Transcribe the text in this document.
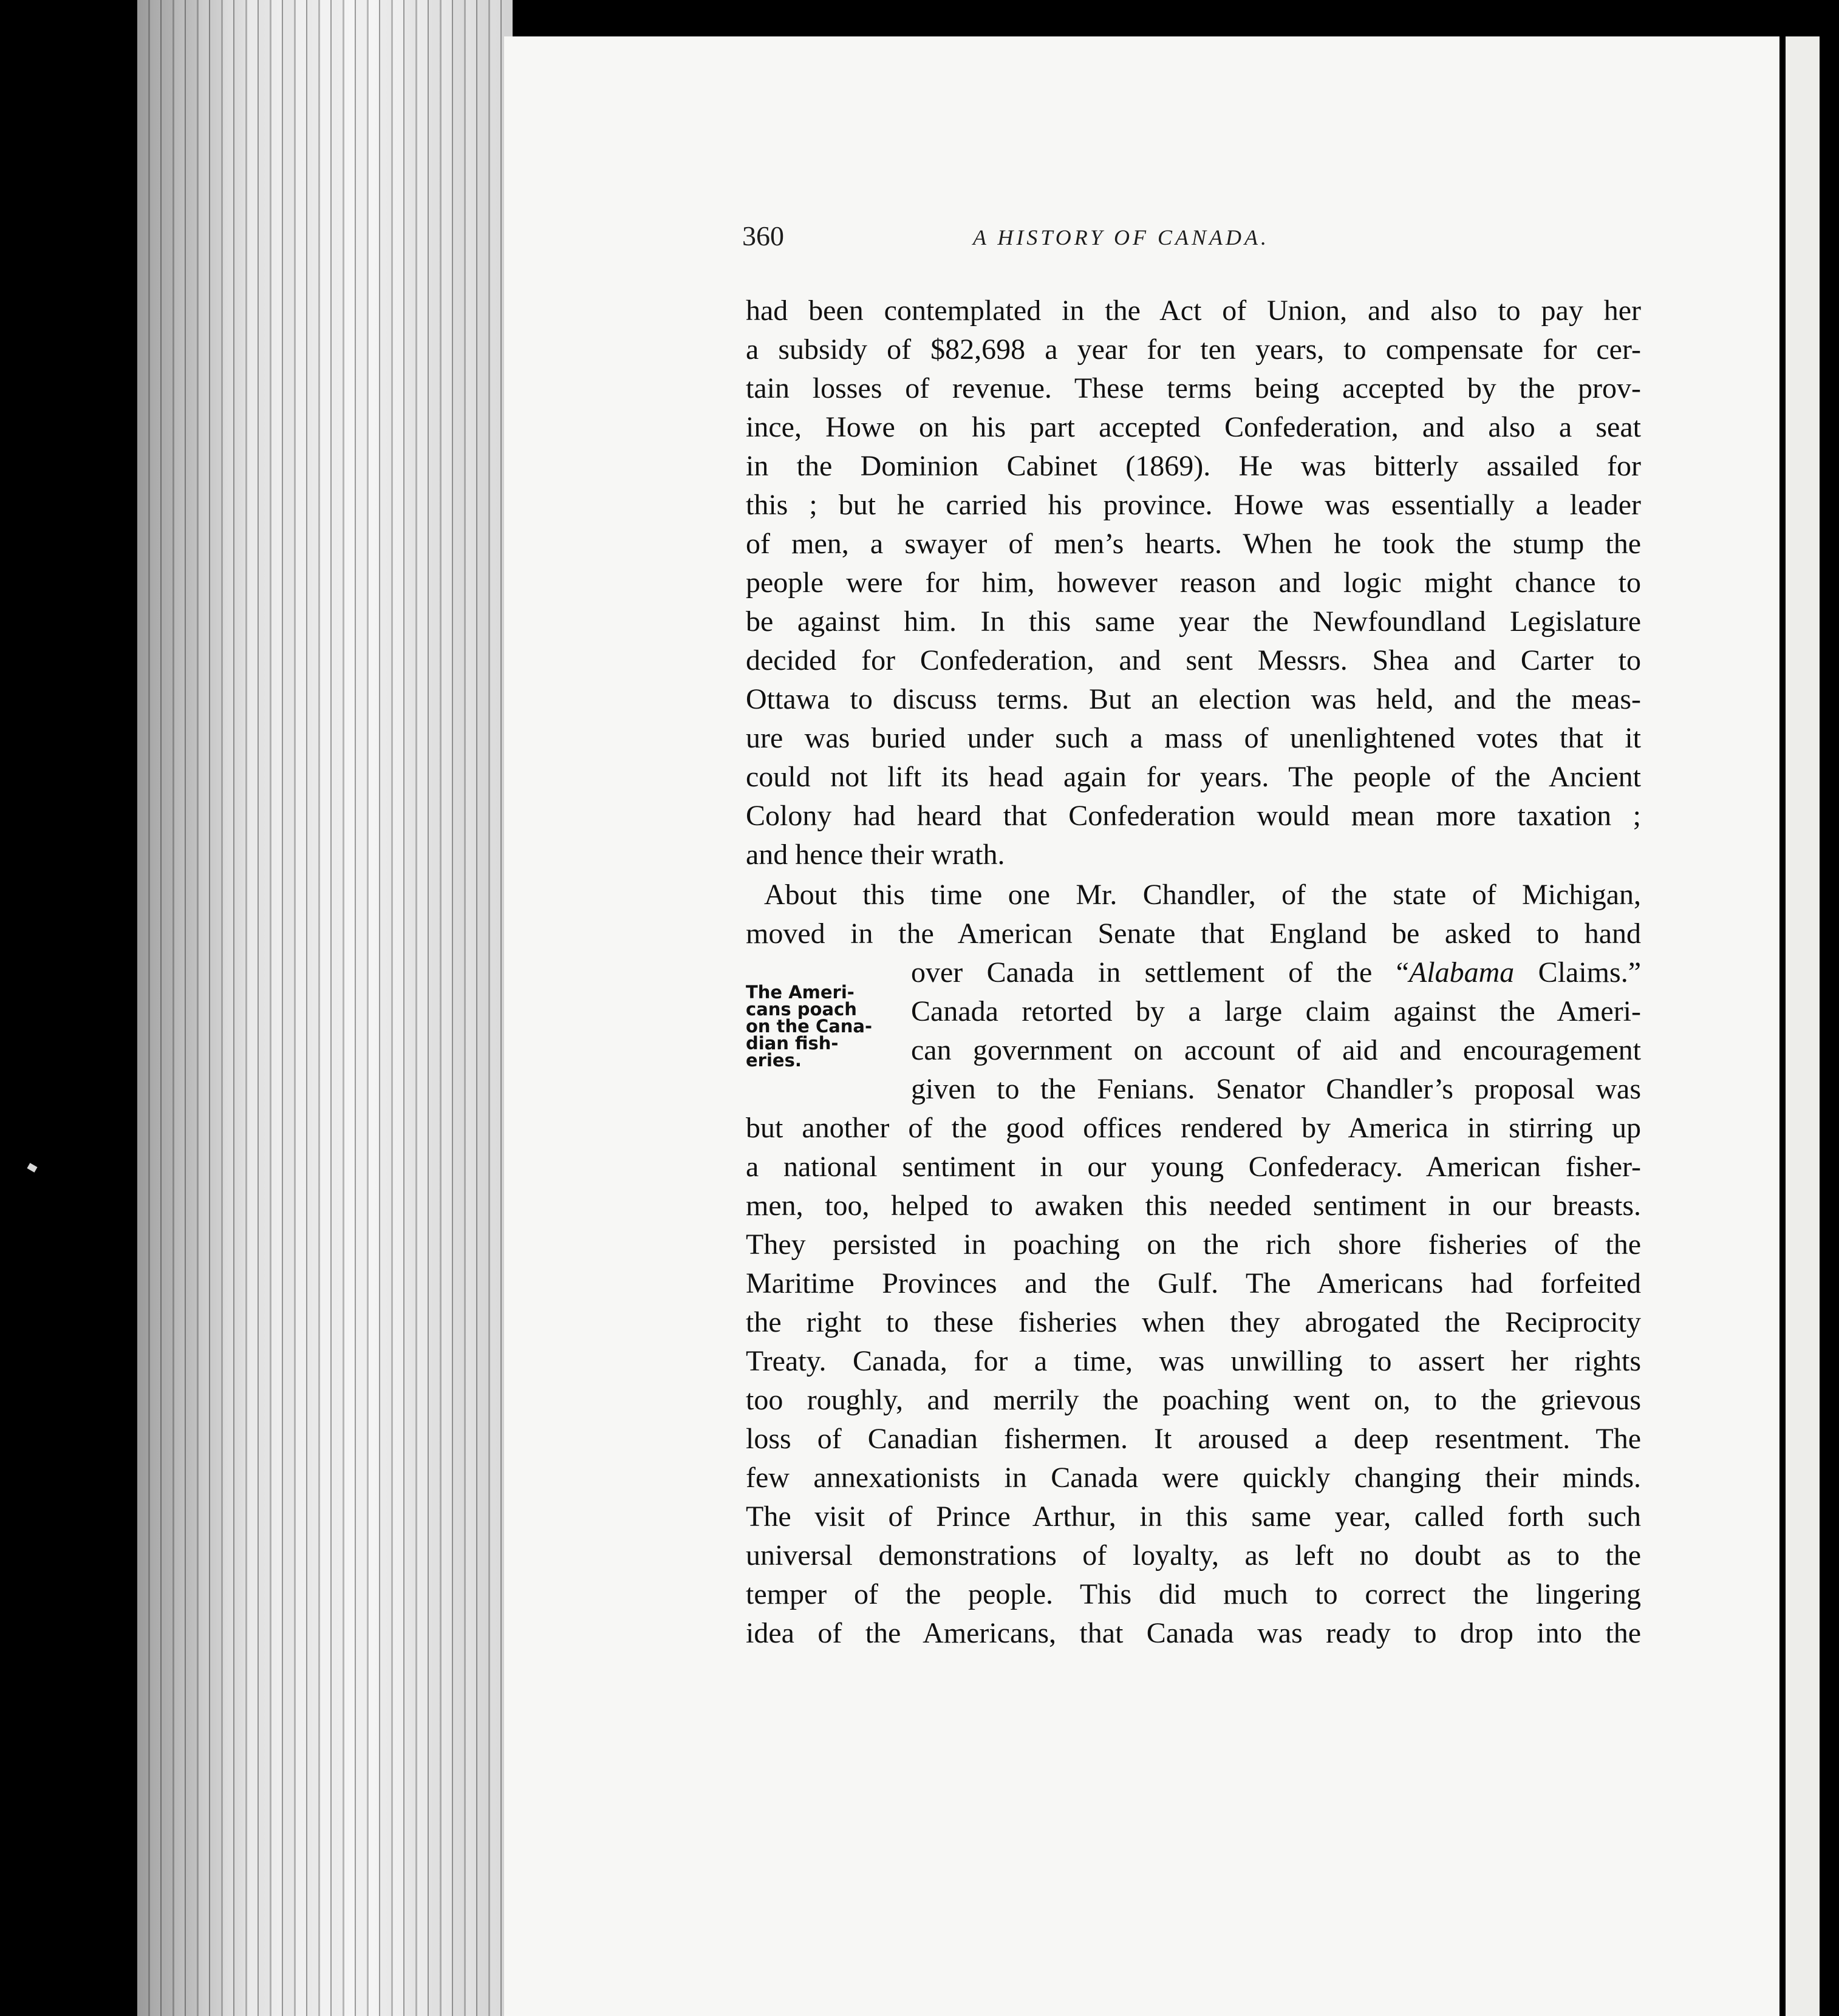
360	A HISTORY OF CANADA.
The Ameri-
cans poach
on the Cana-
dian fish-
eries.
had been contemplated in the Act of Union, and also to pay her
a subsidy of $82,698 a year for ten years, to compensate for cer-
tain losses of revenue. These terms being accepted by the prov-
ince, Howe on his part accepted Confederation, and also a seat
in the Dominion Cabinet (1869). He was bitterly assailed for
this ; but he carried his province. Howe was essentially a leader
of men, a swayer of men’s hearts. When he took the stump the
people were for him, however reason and logic might chance to
be against him. In this same year the Newfoundland Legislature
decided for Confederation, and sent Messrs. Shea and Carter to
Ottawa to discuss terms. But an election was held, and the meas-
ure was buried under such a mass of unenlightened votes that it
could not lift its head again for years. The people of the Ancient
Colony had heard that Confederation would mean more taxation ;
and hence their wrath.
About this time one Mr. Chandler, of the state of Michigan,
moved in the American Senate that England be asked to hand
over Canada in settlement of the “Alabama Claims.”
Canada retorted by a large claim against the Ameri-
can government on account of aid and encouragement
given to the Fenians. Senator Chandler’s proposal was
but another of the good offices rendered by America in stirring up
a national sentiment in our young Confederacy. American fisher-
men, too, helped to awaken this needed sentiment in our breasts.
They persisted in poaching on the rich shore fisheries of the
Maritime Provinces and the Gulf. The Americans had forfeited
the right to these fisheries when they abrogated the Reciprocity
Treaty. Canada, for a time, was unwilling to assert her rights
too roughly, and merrily the poaching went on, to the grievous
loss of Canadian fishermen. It aroused a deep resentment. The
few annexationists in Canada were quickly changing their minds.
The visit of Prince Arthur, in this same year, called forth such
universal demonstrations of loyalty, as left no doubt as to the
temper of the people. This did much to correct the lingering
idea of the Americans, that Canada was ready to drop into the
